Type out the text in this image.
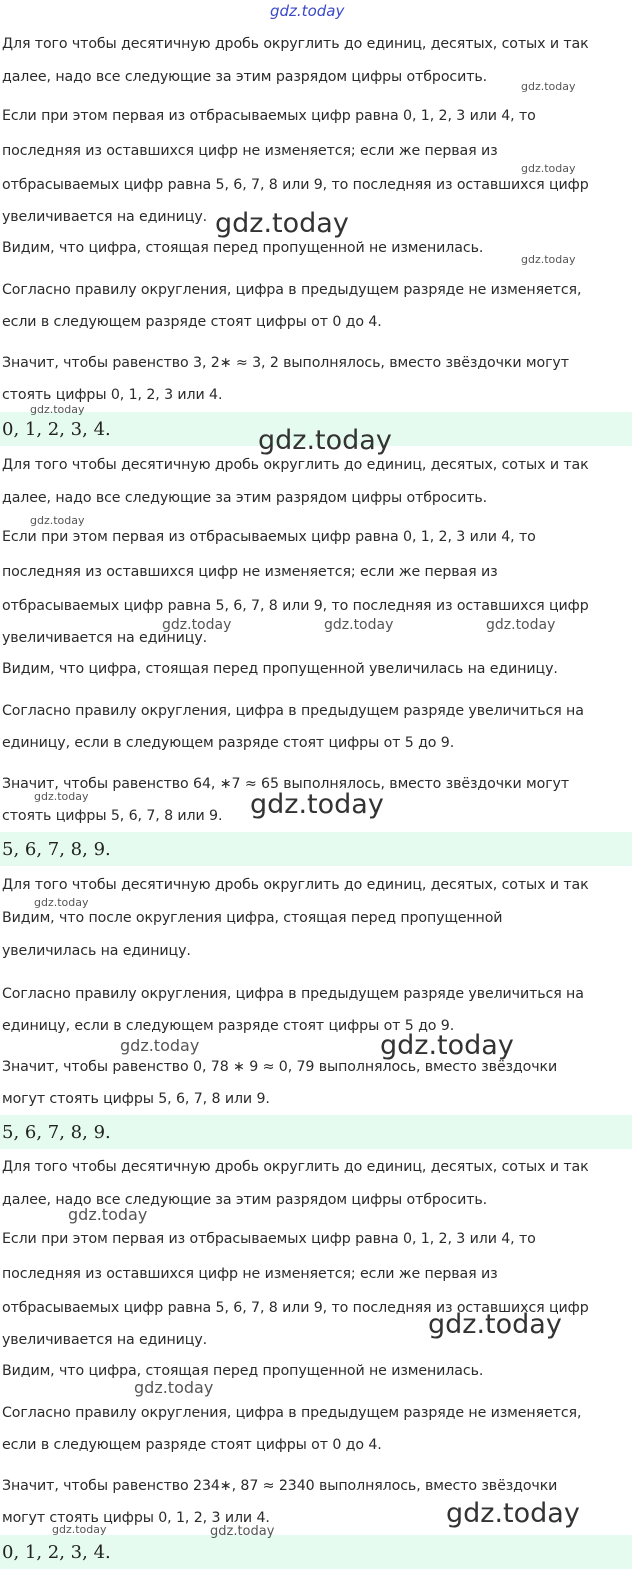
Для того чтобы десятичную дробь округлить до единиц, десятых, сотых и так
далее, надо все следующие за этим разрядом цифры отбросить.
Если при этом первая из отбрасываемых цифр равна 0, 1, 2, 3 или 4, то
последняя из оставшихся цифр не изменяется; если же первая из
отбрасываемых цифр равна 5, 6, 7, 8 или 9, то последняя из оставшихся цифр
увеличивается на единицу.
Видим, что цифра, стоящая перед пропущенной не изменилась.
Согласно правилу округления, цифра в предыдущем разряде не изменяется,
если в следующем разряде стоят цифры от 0 до 4.
Значит, чтобы равенство 3, 2∗ ≈ 3, 2 выполнялось, вместо звёздочки могут
стоять цифры 0, 1, 2, 3 или 4.
0, 1, 2, 3, 4.
Для того чтобы десятичную дробь округлить до единиц, десятых, сотых и так
далее, надо все следующие за этим разрядом цифры отбросить.
Если при этом первая из отбрасываемых цифр равна 0, 1, 2, 3 или 4, то
последняя из оставшихся цифр не изменяется; если же первая из
отбрасываемых цифр равна 5, 6, 7, 8 или 9, то последняя из оставшихся цифр
увеличивается на единицу.
Видим, что цифра, стоящая перед пропущенной увеличилась на единицу.
Согласно правилу округления, цифра в предыдущем разряде увеличиться на
единицу, если в следующем разряде стоят цифры от 5 до 9.
Значит, чтобы равенство 64, ∗7 ≈ 65 выполнялось, вместо звёздочки могут
стоять цифры 5, 6, 7, 8 или 9.
5, 6, 7, 8, 9.
Для того чтобы десятичную дробь округлить до единиц, десятых, сотых и так
Видим, что после округления цифра, стоящая перед пропущенной
увеличилась на единицу.
Согласно правилу округления, цифра в предыдущем разряде увеличиться на
единицу, если в следующем разряде стоят цифры от 5 до 9.
Значит, чтобы равенство 0, 78 ∗ 9 ≈ 0, 79 выполнялось, вместо звёздочки
могут стоять цифры 5, 6, 7, 8 или 9.
5, 6, 7, 8, 9.
Для того чтобы десятичную дробь округлить до единиц, десятых, сотых и так
далее, надо все следующие за этим разрядом цифры отбросить.
Если при этом первая из отбрасываемых цифр равна 0, 1, 2, 3 или 4, то
последняя из оставшихся цифр не изменяется; если же первая из
отбрасываемых цифр равна 5, 6, 7, 8 или 9, то последняя из оставшихся цифр
увеличивается на единицу.
Видим, что цифра, стоящая перед пропущенной не изменилась.
Согласно правилу округления, цифра в предыдущем разряде не изменяется,
если в следующем разряде стоят цифры от 0 до 4.
Значит, чтобы равенство 234∗, 87 ≈ 2340 выполнялось, вместо звёздочки
могут стоять цифры 0, 1, 2, 3 или 4.
0, 1, 2, 3, 4.
gdz.today
gdz.today
gdz.today
gdz.today
gdz.today
gdz.today
gdz.today
gdz.today
gdz.today	gdz.today	gdz.today
gdz.today	gdz.today
gdz.today
gdz.today	gdz.today
gdz.today
gdz.today
gdz.today
gdz.today
gdz.today	gdz.today
